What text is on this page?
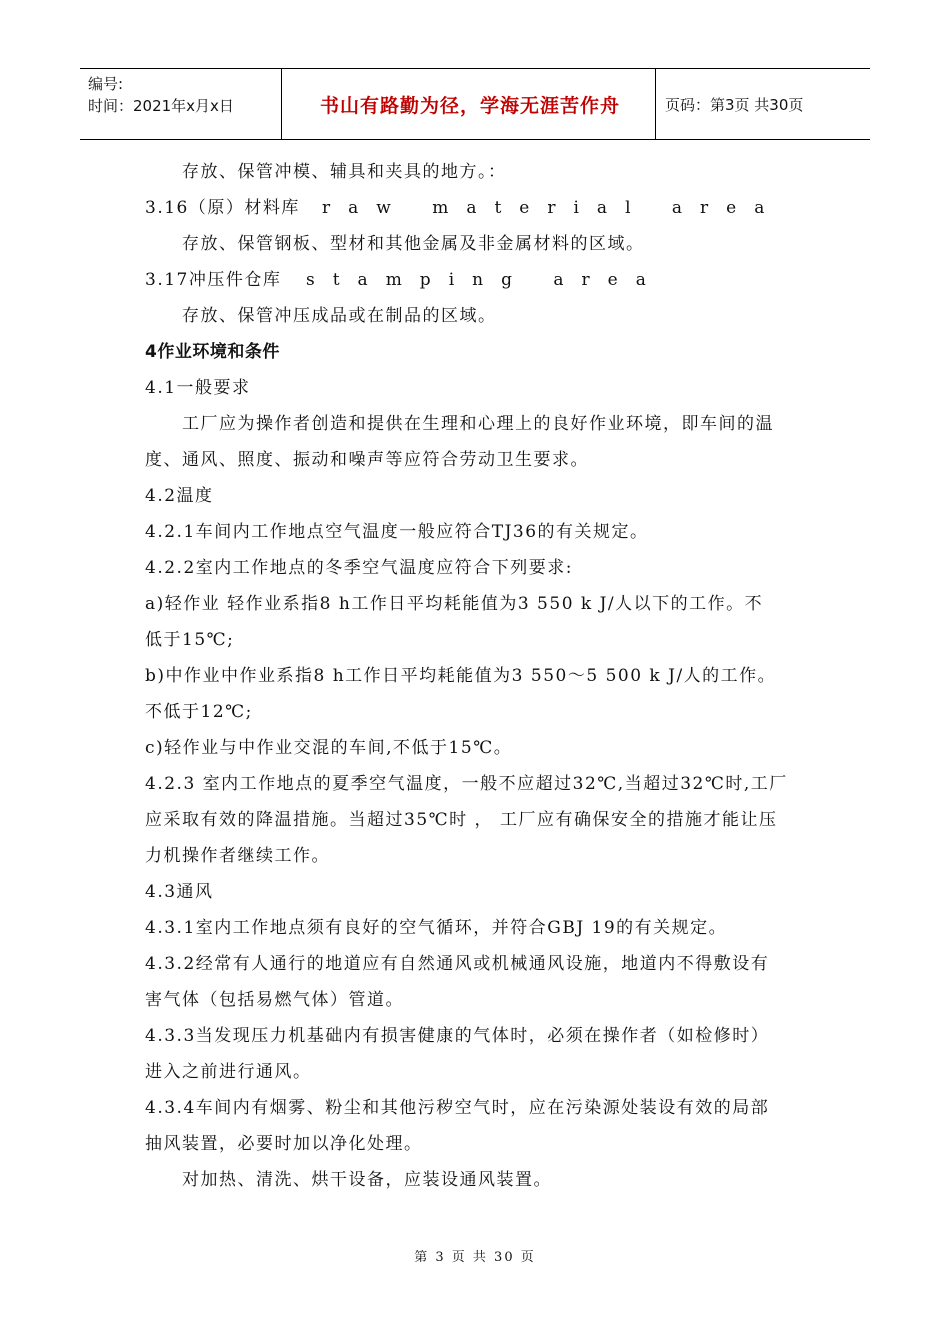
编号:
时间：2021年x月x日	书山有路勤为径，学海无涯苦作舟	页码：第3页 共30页
存放、保管冲模、辅具和夹具的地方。：
3.16（原）材料库 raw material area
存放、保管钢板、型材和其他金属及非金属材料的区域。
3.17冲压件仓库 stamping area
存放、保管冲压成品或在制品的区域。
4作业环境和条件
4.1一般要求
工厂应为操作者创造和提供在生理和心理上的良好作业环境，即车间的温
度、通风、照度、振动和噪声等应符合劳动卫生要求。
4.2温度
4.2.1车间内工作地点空气温度一般应符合TJ36的有关规定。
4.2.2室内工作地点的冬季空气温度应符合下列要求:
a)轻作业 轻作业系指8 h工作日平均耗能值为3 550 k J/人以下的工作。不
低于15℃;
b)中作业中作业系指8 h工作日平均耗能值为3 550～5 500 k J/人的工作。
不低于12℃;
c)轻作业与中作业交混的车间,不低于15℃。
4.2.3 室内工作地点的夏季空气温度，一般不应超过32℃,当超过32℃时,工厂
应采取有效的降温措施。当超过35℃时 ， 工厂应有确保安全的措施才能让压
力机操作者继续工作。
4.3通风
4.3.1室内工作地点须有良好的空气循环，并符合GBJ 19的有关规定。
4.3.2经常有人通行的地道应有自然通风或机械通风设施，地道内不得敷设有
害气体（包括易燃气体）管道。
4.3.3当发现压力机基础内有损害健康的气体时，必须在操作者（如检修时）
进入之前进行通风。
4.3.4车间内有烟雾、粉尘和其他污秽空气时，应在污染源处装设有效的局部
抽风装置，必要时加以净化处理。
对加热、清洗、烘干设备，应装设通风装置。
第 3 页 共 30 页
